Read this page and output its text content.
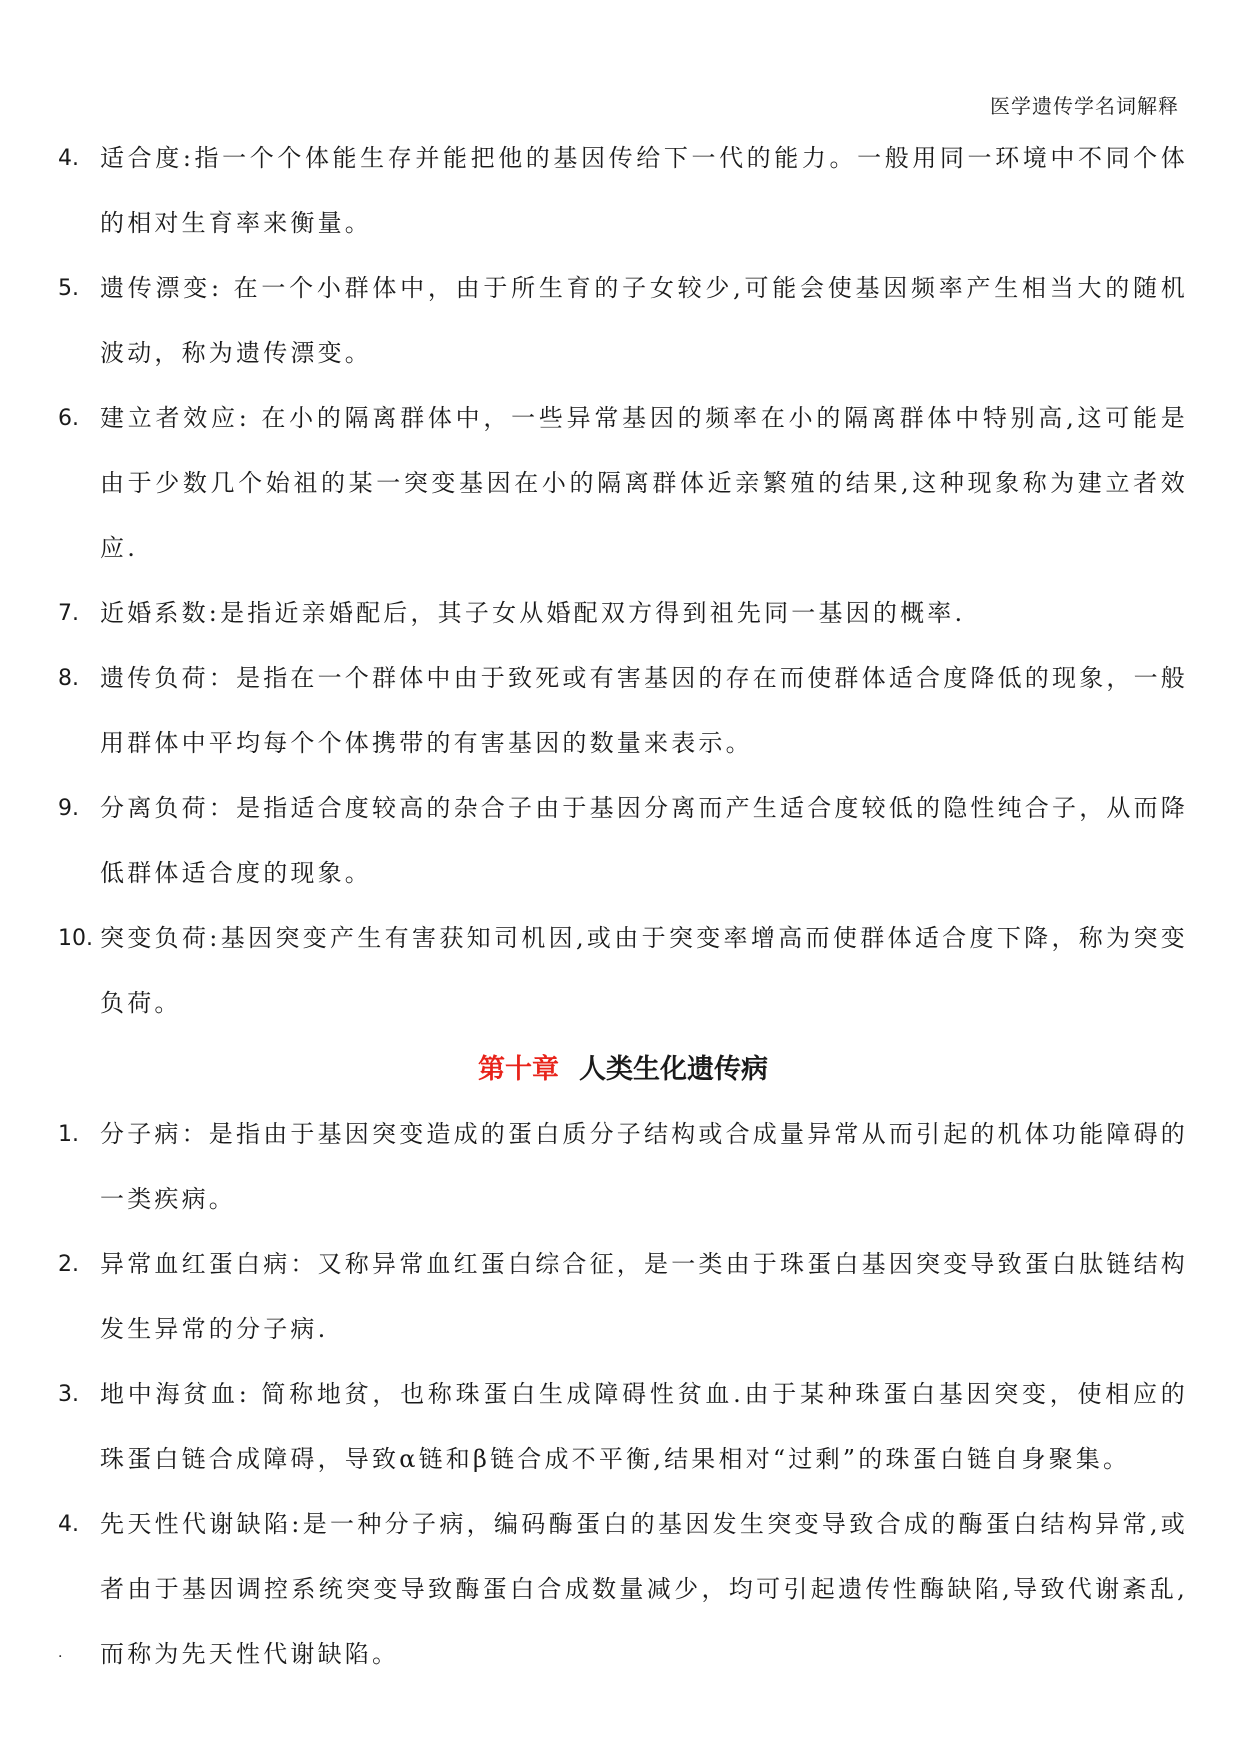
医学遗传学名词解释
4. 适合度:指一个个体能生存并能把他的基因传给下一代的能力。一般用同一环境中不同个体的相对生育率来衡量。
5. 遗传漂变: 在一个小群体中，由于所生育的子女较少,可能会使基因频率产生相当大的随机波动，称为遗传漂变。
6. 建立者效应: 在小的隔离群体中，一些异常基因的频率在小的隔离群体中特别高,这可能是由于少数几个始祖的某一突变基因在小的隔离群体近亲繁殖的结果,这种现象称为建立者效应.
7. 近婚系数:是指近亲婚配后，其子女从婚配双方得到祖先同一基因的概率.
8. 遗传负荷：是指在一个群体中由于致死或有害基因的存在而使群体适合度降低的现象，一般用群体中平均每个个体携带的有害基因的数量来表示。
9. 分离负荷：是指适合度较高的杂合子由于基因分离而产生适合度较低的隐性纯合子，从而降低群体适合度的现象。
10. 突变负荷:基因突变产生有害获知司机因,或由于突变率增高而使群体适合度下降，称为突变负荷。
第十章 人类生化遗传病
1. 分子病：是指由于基因突变造成的蛋白质分子结构或合成量异常从而引起的机体功能障碍的一类疾病。
2. 异常血红蛋白病：又称异常血红蛋白综合征，是一类由于珠蛋白基因突变导致蛋白肽链结构发生异常的分子病.
3. 地中海贫血: 简称地贫，也称珠蛋白生成障碍性贫血.由于某种珠蛋白基因突变，使相应的珠蛋白链合成障碍，导致α链和β链合成不平衡,结果相对“过剩”的珠蛋白链自身聚集。
4. 先天性代谢缺陷:是一种分子病，编码酶蛋白的基因发生突变导致合成的酶蛋白结构异常,或者由于基因调控系统突变导致酶蛋白合成数量减少，均可引起遗传性酶缺陷,导致代谢紊乱,而称为先天性代谢缺陷。
.
